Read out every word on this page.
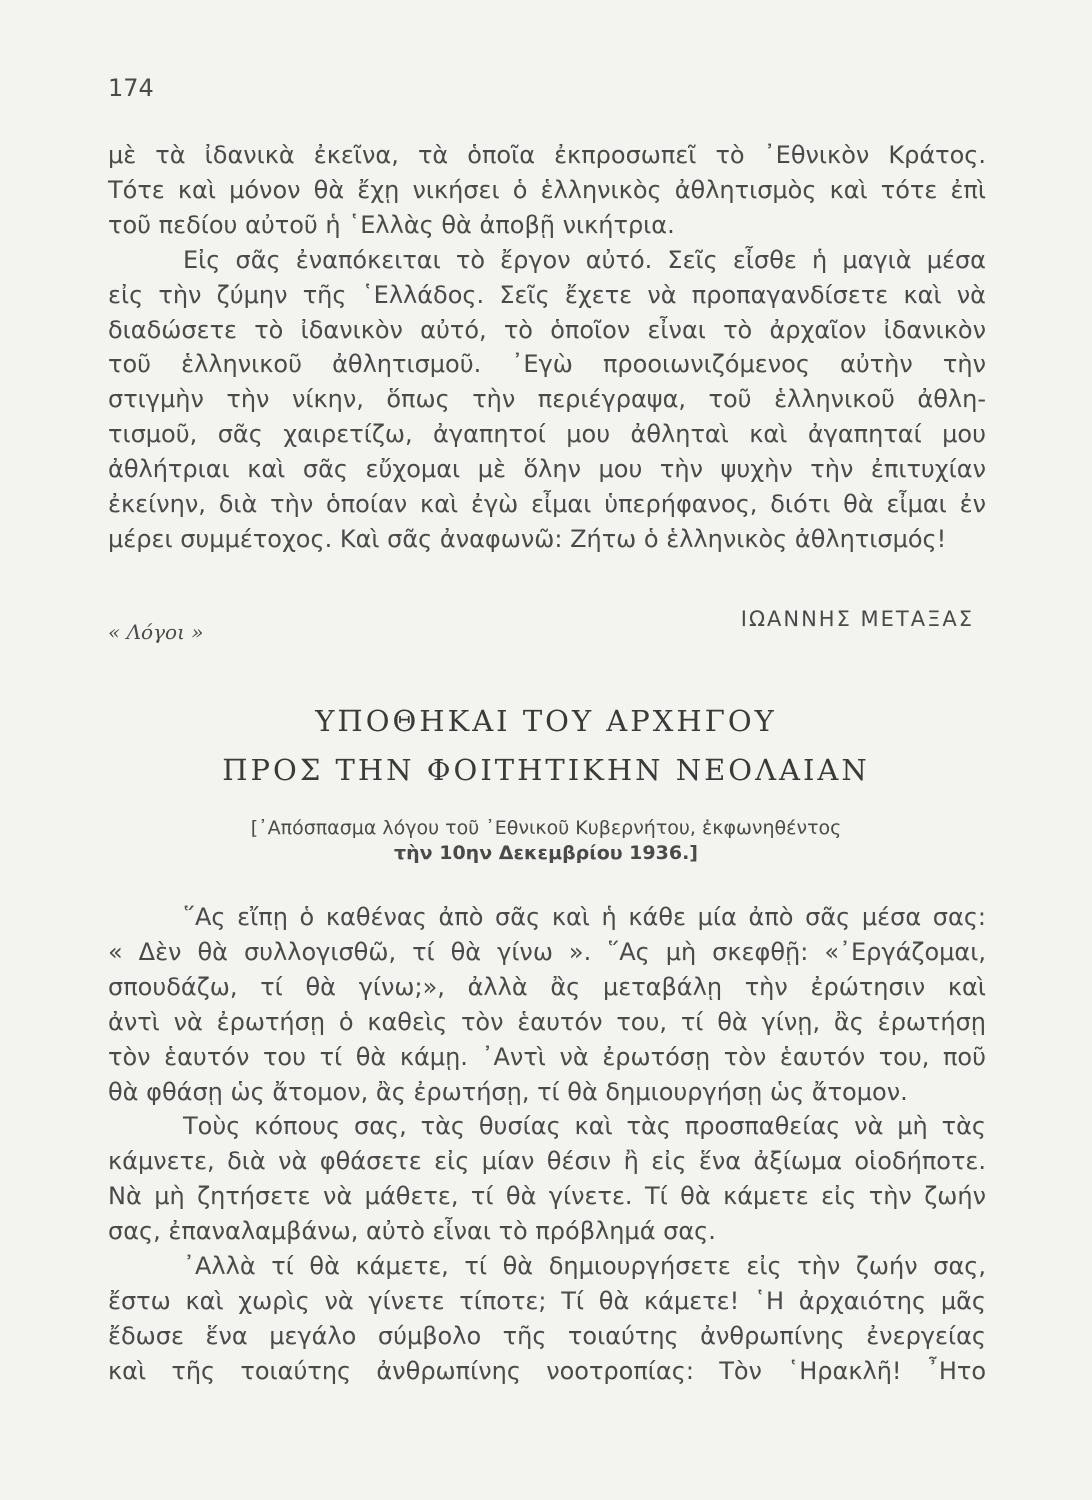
174
μὲ τὰ ἰδανικὰ ἐκεῖνα, τὰ ὁποῖα ἐκπροσωπεῖ τὸ ᾿Εθνικὸν Κράτος.
Τότε καὶ μόνον θὰ ἔχῃ νικήσει ὁ ἑλληνικὸς ἀθλητισμὸς καὶ τότε ἐπὶ
τοῦ πεδίου αὐτοῦ ἡ ῾Ελλὰς θὰ ἀποβῇ νικήτρια.
Εἰς σᾶς ἐναπόκειται τὸ ἔργον αὐτό. Σεῖς εἶσθε ἡ μαγιὰ μέσα
εἰς τὴν ζύμην τῆς ῾Ελλάδος. Σεῖς ἔχετε νὰ προπαγανδίσετε καὶ νὰ
διαδώσετε τὸ ἰδανικὸν αὐτό, τὸ ὁποῖον εἶναι τὸ ἀρχαῖον ἰδανικὸν
τοῦ ἑλληνικοῦ ἀθλητισμοῦ. ᾿Εγὼ προοιωνιζόμενος αὐτὴν τὴν
στιγμὴν τὴν νίκην, ὅπως τὴν περιέγραψα, τοῦ ἑλληνικοῦ ἀθλη-
τισμοῦ, σᾶς χαιρετίζω, ἀγαπητοί μου ἀθληταὶ καὶ ἀγαπηταί μου
ἀθλήτριαι καὶ σᾶς εὔχομαι μὲ ὅλην μου τὴν ψυχὴν τὴν ἐπιτυχίαν
ἐκείνην, διὰ τὴν ὁποίαν καὶ ἐγὼ εἶμαι ὑπερήφανος, διότι θὰ εἶμαι ἐν
μέρει συμμέτοχος. Καὶ σᾶς ἀναφωνῶ: Ζήτω ὁ ἑλληνικὸς ἀθλητισμός!
ΙΩΑΝΝΗΣ ΜΕΤΑΞΑΣ
« Λόγοι »
ΥΠΟΘΗΚΑΙ ΤΟΥ ΑΡΧΗΓΟΥ
ΠΡΟΣ ΤΗΝ ΦΟΙΤΗΤΙΚΗΝ ΝΕΟΛΑΙΑΝ
[᾿Απόσπασμα λόγου τοῦ ᾿Εθνικοῦ Κυβερνήτου, ἐκφωνηθέντος
τὴν 10ην Δεκεμβρίου 1936.]
῞Ας εἴπῃ ὁ καθένας ἀπὸ σᾶς καὶ ἡ κάθε μία ἀπὸ σᾶς μέσα σας:
« Δὲν θὰ συλλογισθῶ, τί θὰ γίνω ». ῞Ας μὴ σκεφθῇ: «᾿Εργάζομαι,
σπουδάζω, τί θὰ γίνω;», ἀλλὰ ἂς μεταβάλῃ τὴν ἐρώτησιν καὶ
ἀντὶ νὰ ἐρωτήσῃ ὁ καθεὶς τὸν ἑαυτόν του, τί θὰ γίνῃ, ἂς ἐρωτήσῃ
τὸν ἑαυτόν του τί θὰ κάμῃ. ᾿Αντὶ νὰ ἐρωτόσῃ τὸν ἑαυτόν του, ποῦ
θὰ φθάσῃ ὡς ἄτομον, ἂς ἐρωτήσῃ, τί θὰ δημιουργήσῃ ὡς ἄτομον.
Τοὺς κόπους σας, τὰς θυσίας καὶ τὰς προσπαθείας νὰ μὴ τὰς
κάμνετε, διὰ νὰ φθάσετε εἰς μίαν θέσιν ἢ εἰς ἕνα ἀξίωμα οἱοδήποτε.
Νὰ μὴ ζητήσετε νὰ μάθετε, τί θὰ γίνετε. Τί θὰ κάμετε εἰς τὴν ζωήν
σας, ἐπαναλαμβάνω, αὐτὸ εἶναι τὸ πρόβλημά σας.
᾿Αλλὰ τί θὰ κάμετε, τί θὰ δημιουργήσετε εἰς τὴν ζωήν σας,
ἔστω καὶ χωρὶς νὰ γίνετε τίποτε; Τί θὰ κάμετε! ῾Η ἀρχαιότης μᾶς
ἔδωσε ἕνα μεγάλο σύμβολο τῆς τοιαύτης ἀνθρωπίνης ἐνεργείας
καὶ τῆς τοιαύτης ἀνθρωπίνης νοοτροπίας: Τὸν ῾Ηρακλῆ! ῏Ητο
